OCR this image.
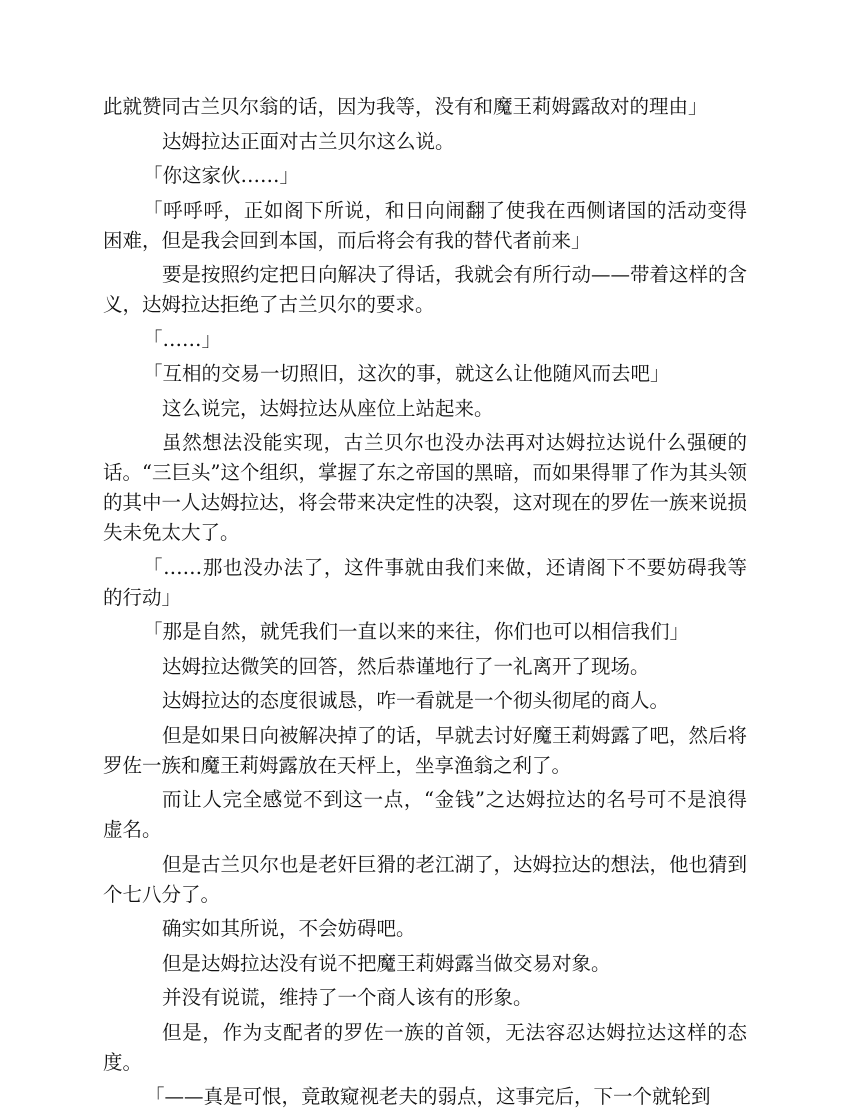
此就赞同古兰贝尔翁的话，因为我等，没有和魔王莉姆露敌对的理由」

达姆拉达正面对古兰贝尔这么说。

「你这家伙……」

「呼呼呼，正如阁下所说，和日向闹翻了使我在西侧诸国的活动变得困难，但是我会回到本国，而后将会有我的替代者前来」

要是按照约定把日向解决了得话，我就会有所行动——带着这样的含义，达姆拉达拒绝了古兰贝尔的要求。

「……」

「互相的交易一切照旧，这次的事，就这么让他随风而去吧」

这么说完，达姆拉达从座位上站起来。

虽然想法没能实现，古兰贝尔也没办法再对达姆拉达说什么强硬的话。“三巨头”这个组织，掌握了东之帝国的黑暗，而如果得罪了作为其头领的其中一人达姆拉达，将会带来决定性的决裂，这对现在的罗佐一族来说损失未免太大了。

「……那也没办法了，这件事就由我们来做，还请阁下不要妨碍我等的行动」

「那是自然，就凭我们一直以来的来往，你们也可以相信我们」

达姆拉达微笑的回答，然后恭谨地行了一礼离开了现场。

达姆拉达的态度很诚恳，咋一看就是一个彻头彻尾的商人。

但是如果日向被解决掉了的话，早就去讨好魔王莉姆露了吧，然后将罗佐一族和魔王莉姆露放在天枰上，坐享渔翁之利了。

而让人完全感觉不到这一点，“金钱”之达姆拉达的名号可不是浪得虚名。

但是古兰贝尔也是老奸巨猾的老江湖了，达姆拉达的想法，他也猜到个七八分了。

确实如其所说，不会妨碍吧。

但是达姆拉达没有说不把魔王莉姆露当做交易对象。

并没有说谎，维持了一个商人该有的形象。

但是，作为支配者的罗佐一族的首领，无法容忍达姆拉达这样的态度。

「——真是可恨，竟敢窥视老夫的弱点，这事完后，下一个就轮到
